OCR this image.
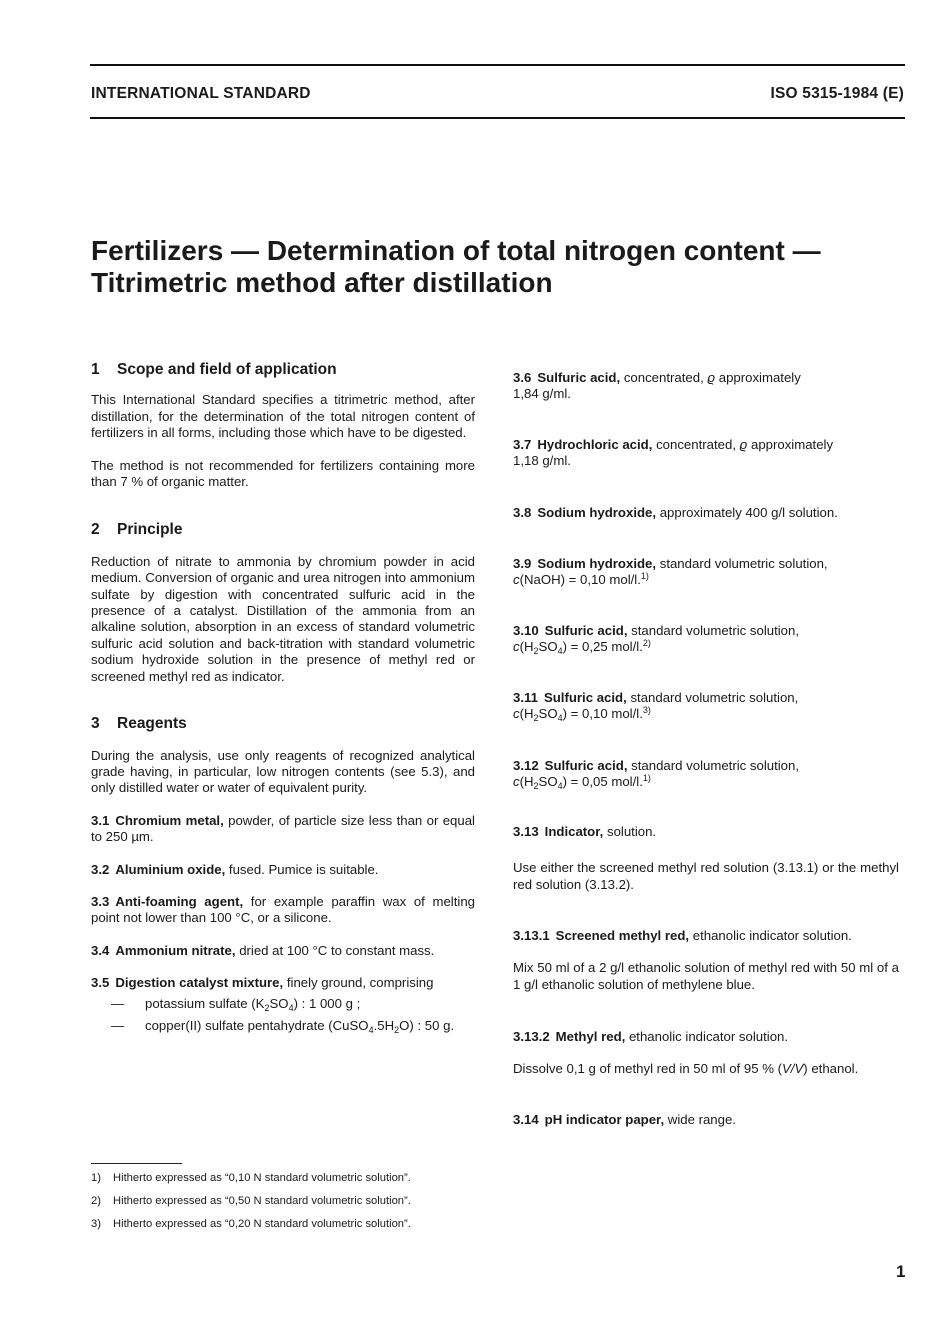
INTERNATIONAL STANDARD	ISO 5315-1984 (E)
Fertilizers — Determination of total nitrogen content —
Titrimetric method after distillation
1 Scope and field of application
This International Standard specifies a titrimetric method, after distillation, for the determination of the total nitrogen content of fertilizers in all forms, including those which have to be digested.
The method is not recommended for fertilizers containing more than 7 % of organic matter.
2 Principle
Reduction of nitrate to ammonia by chromium powder in acid medium. Conversion of organic and urea nitrogen into ammonium sulfate by digestion with concentrated sulfuric acid in the presence of a catalyst. Distillation of the ammonia from an alkaline solution, absorption in an excess of standard volumetric sulfuric acid solution and back-titration with standard volumetric sodium hydroxide solution in the presence of methyl red or screened methyl red as indicator.
3 Reagents
During the analysis, use only reagents of recognized analytical grade having, in particular, low nitrogen contents (see 5.3), and only distilled water or water of equivalent purity.
3.1 Chromium metal, powder, of particle size less than or equal to 250 µm.
3.2 Aluminium oxide, fused. Pumice is suitable.
3.3 Anti-foaming agent, for example paraffin wax of melting point not lower than 100 °C, or a silicone.
3.4 Ammonium nitrate, dried at 100 °C to constant mass.
3.5 Digestion catalyst mixture, finely ground, comprising
— potassium sulfate $(K_2SO_4)$ : 1 000 g ;
— copper(II) sulfate pentahydrate $(CuSO_4.5H_2O)$ : 50 g.
3.6 Sulfuric acid, concentrated, ϱ approximately
1,84 g/ml.
3.7 Hydrochloric acid, concentrated, ϱ approximately
1,18 g/ml.
3.8 Sodium hydroxide, approximately 400 g/l solution.
3.9 Sodium hydroxide, standard volumetric solution,
c(NaOH) = 0,10 mol/l.$^{1)}$
3.10 Sulfuric acid, standard volumetric solution,
$c(H_2SO_4) = 0,25$ mol/l.$^{2)}$
3.11 Sulfuric acid, standard volumetric solution,
$c(H_2SO_4) = 0,10$ mol/l.$^{3)}$
3.12 Sulfuric acid, standard volumetric solution,
$c(H_2SO_4) = 0,05$ mol/l.$^{1)}$
3.13 Indicator, solution.
Use either the screened methyl red solution (3.13.1) or the methyl red solution (3.13.2).
3.13.1 Screened methyl red, ethanolic indicator solution.
Mix 50 ml of a 2 g/l ethanolic solution of methyl red with 50 ml of a 1 g/l ethanolic solution of methylene blue.
3.13.2 Methyl red, ethanolic indicator solution.
Dissolve 0,1 g of methyl red in 50 ml of 95 % (V/V) ethanol.
3.14 pH indicator paper, wide range.
1) Hitherto expressed as “0,10 N standard volumetric solution”.
2) Hitherto expressed as “0,50 N standard volumetric solution”.
3) Hitherto expressed as “0,20 N standard volumetric solution”.
1
